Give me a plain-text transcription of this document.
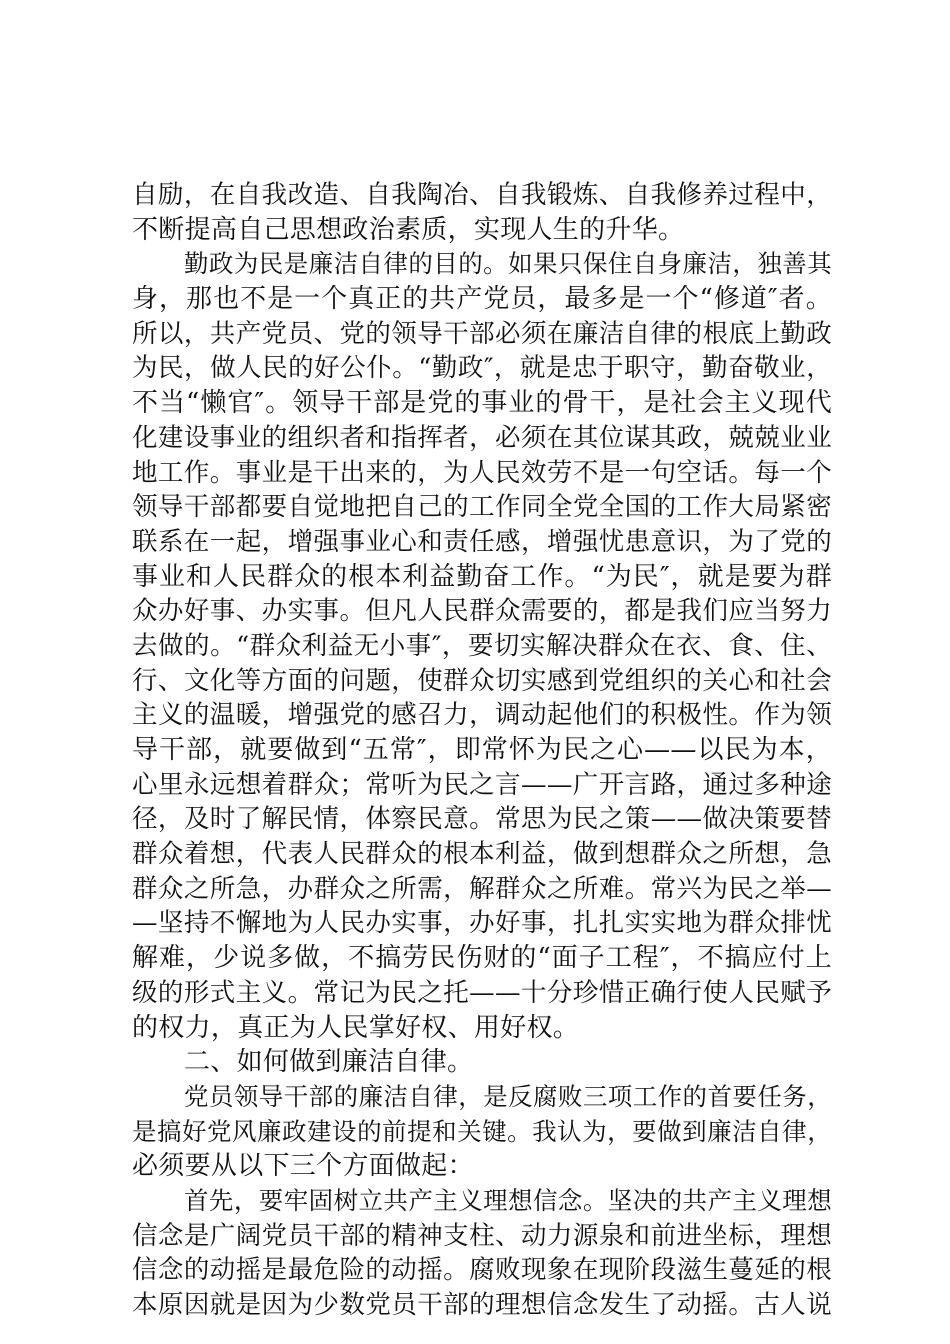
自励，在自我改造、自我陶冶、自我锻炼、自我修养过程中，
不断提高自己思想政治素质，实现人生的升华。
勤政为民是廉洁自律的目的。如果只保住自身廉洁，独善其
身，那也不是一个真正的共产党员，最多是一个“修道″者。
所以，共产党员、党的领导干部必须在廉洁自律的根底上勤政
为民，做人民的好公仆。“勤政″，就是忠于职守，勤奋敬业，
不当“懒官″。领导干部是党的事业的骨干，是社会主义现代
化建设事业的组织者和指挥者，必须在其位谋其政，兢兢业业
地工作。事业是干出来的，为人民效劳不是一句空话。每一个
领导干部都要自觉地把自己的工作同全党全国的工作大局紧密
联系在一起，增强事业心和责任感，增强忧患意识，为了党的
事业和人民群众的根本利益勤奋工作。“为民″，就是要为群
众办好事、办实事。但凡人民群众需要的，都是我们应当努力
去做的。“群众利益无小事″，要切实解决群众在衣、食、住、
行、文化等方面的问题，使群众切实感到党组织的关心和社会
主义的温暖，增强党的感召力，调动起他们的积极性。作为领
导干部，就要做到“五常″，即常怀为民之心——以民为本，
心里永远想着群众；常听为民之言——广开言路，通过多种途
径，及时了解民情，体察民意。常思为民之策——做决策要替
群众着想，代表人民群众的根本利益，做到想群众之所想，急
群众之所急，办群众之所需，解群众之所难。常兴为民之举—
—坚持不懈地为人民办实事，办好事，扎扎实实地为群众排忧
解难，少说多做，不搞劳民伤财的“面子工程″，不搞应付上
级的形式主义。常记为民之托——十分珍惜正确行使人民赋予
的权力，真正为人民掌好权、用好权。
二、如何做到廉洁自律。
党员领导干部的廉洁自律，是反腐败三项工作的首要任务，
是搞好党风廉政建设的前提和关键。我认为，要做到廉洁自律，
必须要从以下三个方面做起：
首先，要牢固树立共产主义理想信念。坚决的共产主义理想
信念是广阔党员干部的精神支柱、动力源泉和前进坐标，理想
信念的动摇是最危险的动摇。腐败现象在现阶段滋生蔓延的根
本原因就是因为少数党员干部的理想信念发生了动摇。古人说
